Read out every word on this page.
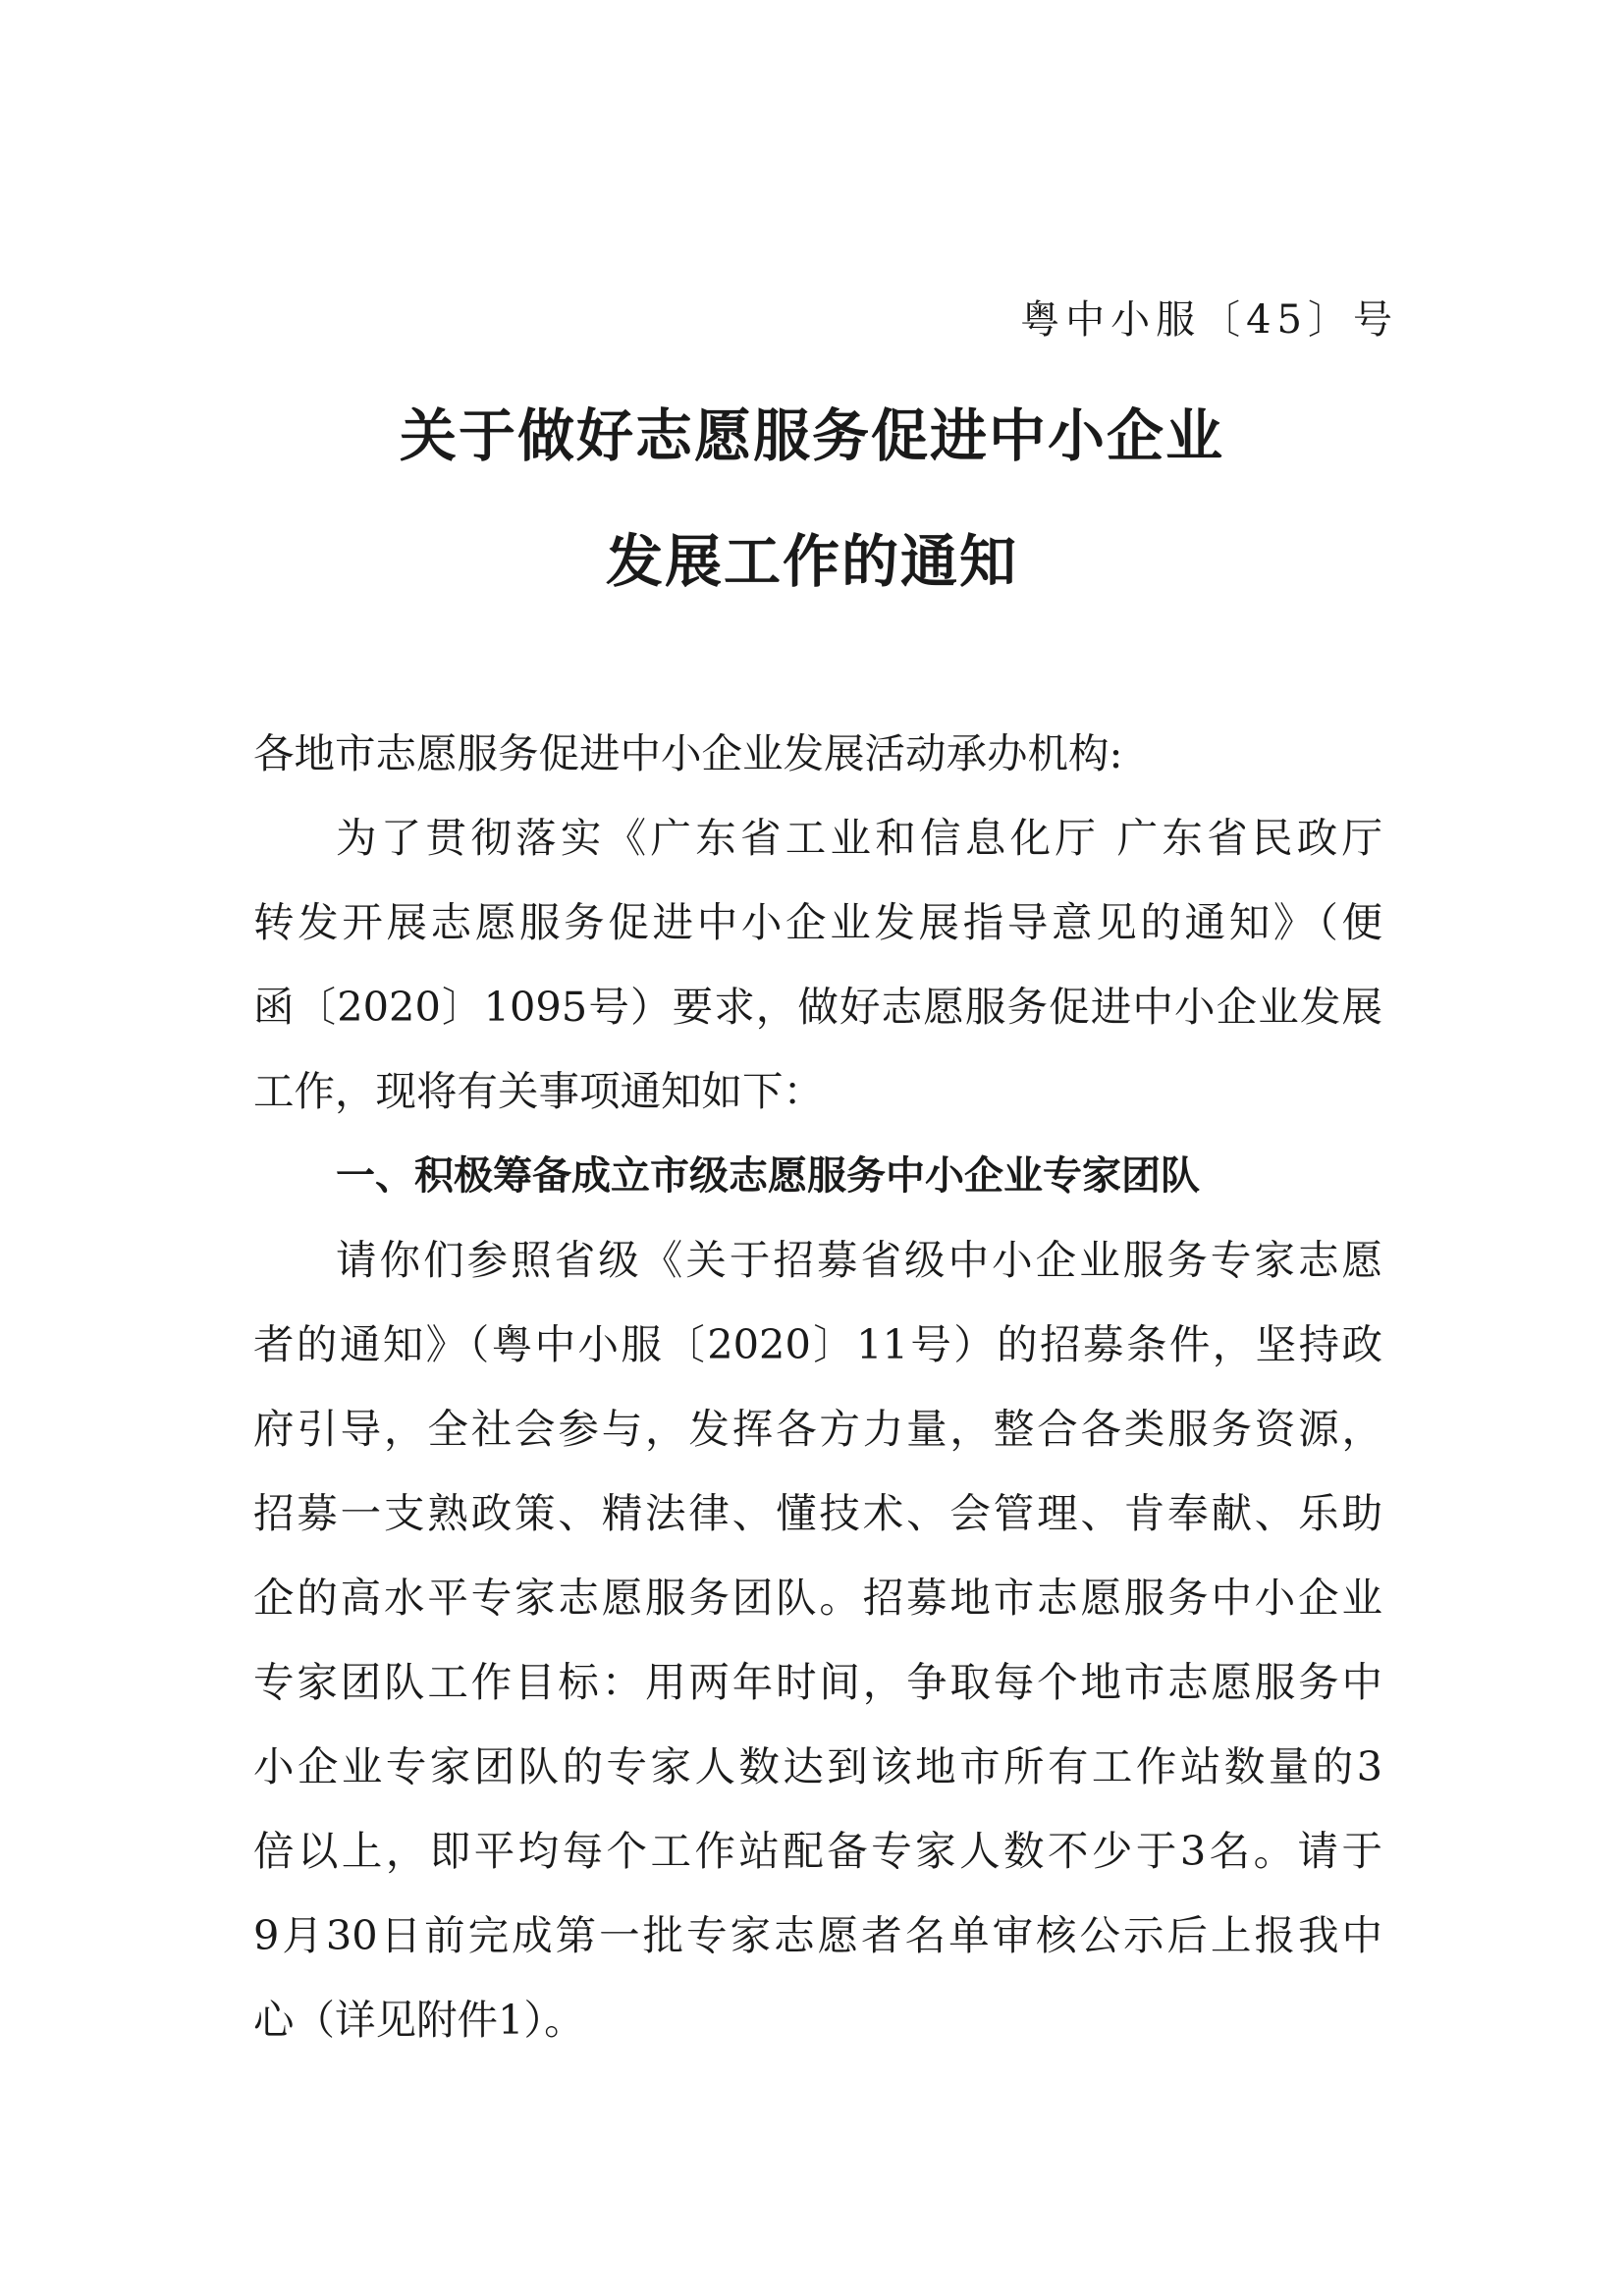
粤中小服〔45〕号
关于做好志愿服务促进中小企业
发展工作的通知
各地市志愿服务促进中小企业发展活动承办机构:
为了贯彻落实《广东省工业和信息化厅 广东省民政厅
转发开展志愿服务促进中小企业发展指导意见的通知》（便
函〔2020〕1095号）要求，做好志愿服务促进中小企业发展
工作，现将有关事项通知如下：
一、积极筹备成立市级志愿服务中小企业专家团队
请你们参照省级《关于招募省级中小企业服务专家志愿
者的通知》（粤中小服〔2020〕11号）的招募条件，坚持政
府引导，全社会参与，发挥各方力量，整合各类服务资源，
招募一支熟政策、精法律、懂技术、会管理、肯奉献、乐助
企的高水平专家志愿服务团队。招募地市志愿服务中小企业
专家团队工作目标：用两年时间，争取每个地市志愿服务中
小企业专家团队的专家人数达到该地市所有工作站数量的3
倍以上，即平均每个工作站配备专家人数不少于3名。请于
9月30日前完成第一批专家志愿者名单审核公示后上报我中
心（详见附件1）。
